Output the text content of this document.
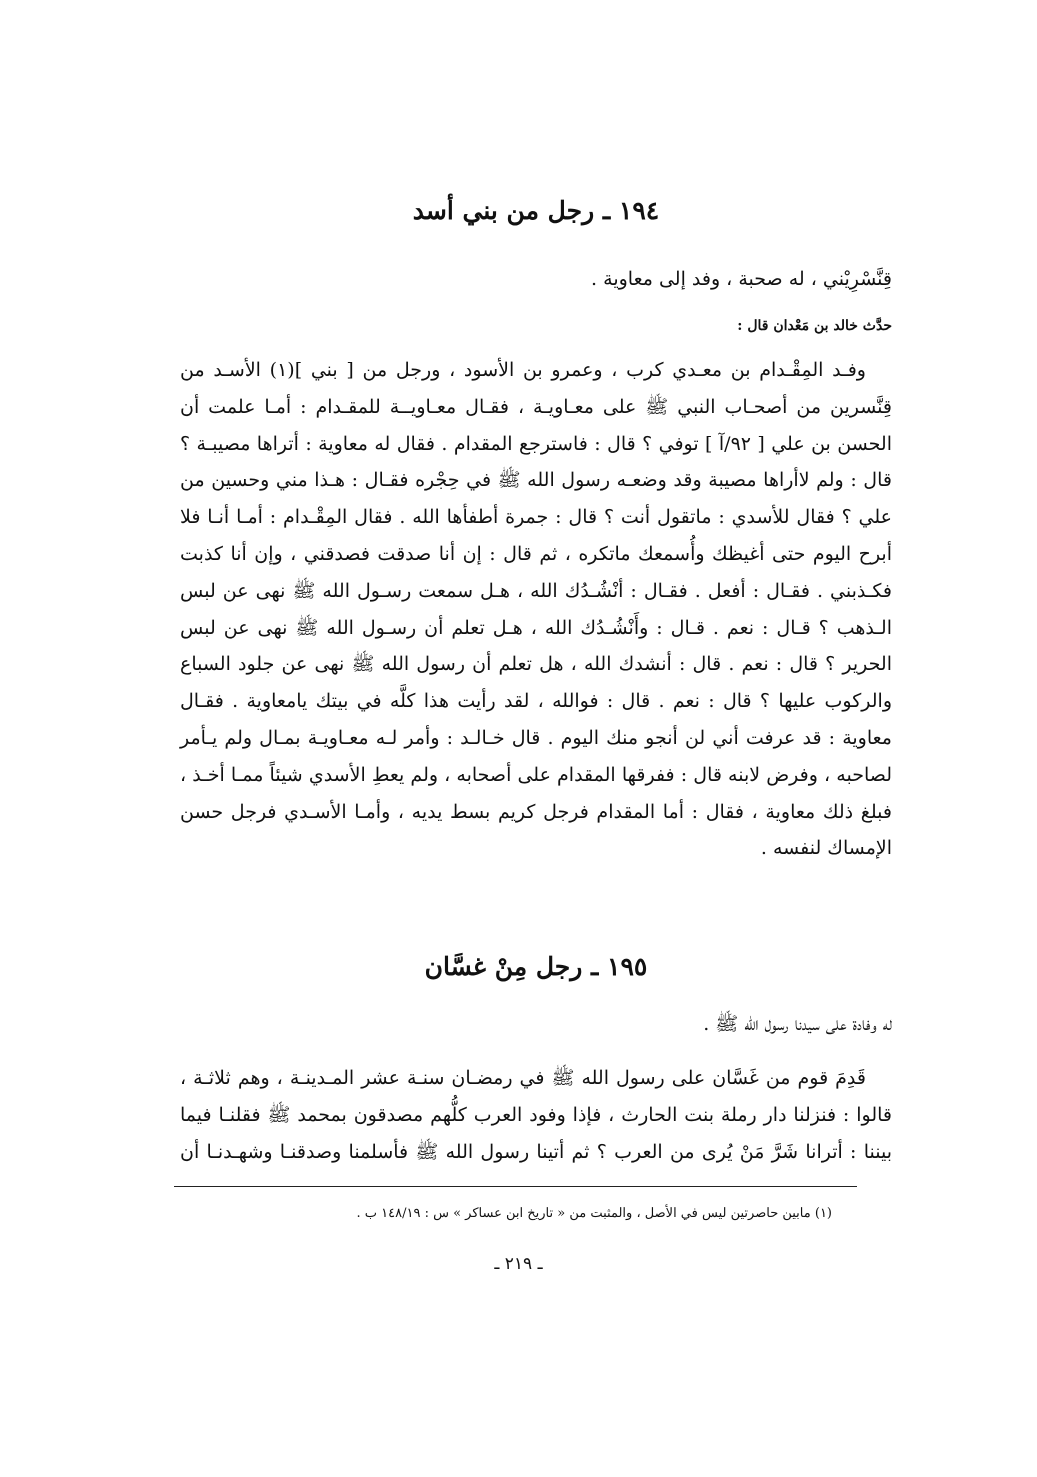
١٩٤ ـ رجل من بني أسد

قِنَّسْرِيْني ، له صحبة ، وفد إلى معاوية .

حدَّث خالد بن مَعْدان قال :

وفـد المِقْـدام بن معـدي كرب ، وعمرو بن الأسود ، ورجل من [ بني ](١) الأسـد من
قِنَّسرين من أصحـاب النبي ﷺ على معـاويـة ، فقـال معـاويــة للمقـدام : أمـا علمت أن
الحسن بن علي [ ٩٢/آ ] توفي ؟ قال : فاسترجع المقدام . فقال له معاوية : أتراها مصيبـة ؟
قال : ولم لاأراها مصيبة وقد وضعـه رسول الله ﷺ في حِجْره فقـال : هـذا مني وحسين من
علي ؟ فقال للأسدي : ماتقول أنت ؟ قال : جمرة أطفأها الله . فقال المِقْـدام : أمـا أنـا فلا
أبرح اليوم حتى أغيظك وأُسمعك ماتكره ، ثم قال : إن أنا صدقت فصدقني ، وإن أنا كذبت
فكـذبني . فقـال : أفعل . فقـال : أنْشُـدُك الله ، هـل سمعت رسـول الله ﷺ نهى عن لبس
الـذهب ؟ قـال : نعم . قـال : وأَنْشُـدُك الله ، هـل تعلم أن رسـول الله ﷺ نهى عن لبس
الحرير ؟ قال : نعم . قال : أنشدك الله ، هل تعلم أن رسول الله ﷺ نهى عن جلود السباع
والركوب عليها ؟ قال : نعم . قال : فوالله ، لقد رأيت هذا كلَّه في بيتك يامعاوية . فقـال
معاوية : قد عرفت أني لن أنجو منك اليوم . قال خـالـد : وأمر لـه معـاويـة بمـال ولم يـأمر
لصاحبه ، وفرض لابنه قال : ففرقها المقدام على أصحابه ، ولم يعطِ الأسدي شيئاً ممـا أخـذ ،
فبلغ ذلك معاوية ، فقال : أما المقدام فرجل كريم بسط يديه ، وأمـا الأسـدي فرجل حسن
الإمساك لنفسه .
١٩٥ ـ رجل مِنْ غسَّان

له وفادة على سيدنا رسول الله ﷺ .

قَدِمَ قوم من غَسَّان على رسول الله ﷺ في رمضـان سنـة عشر المـدينـة ، وهم ثلاثـة ،
قالوا : فنزلنا دار رملة بنت الحارث ، فإذا وفود العرب كلُّهم مصدقون بمحمد ﷺ فقلنـا فيما
بيننا : أترانا شَرَّ مَنْ يُرى من العرب ؟ ثم أتينا رسول الله ﷺ فأسلمنا وصدقنـا وشهـدنـا أن

(١) مابين حاصرتين ليس في الأصل ، والمثبت من « تاريخ ابن عساكر » س : ١٤٨/١٩ ب .

ـ ٢١٩ ـ
